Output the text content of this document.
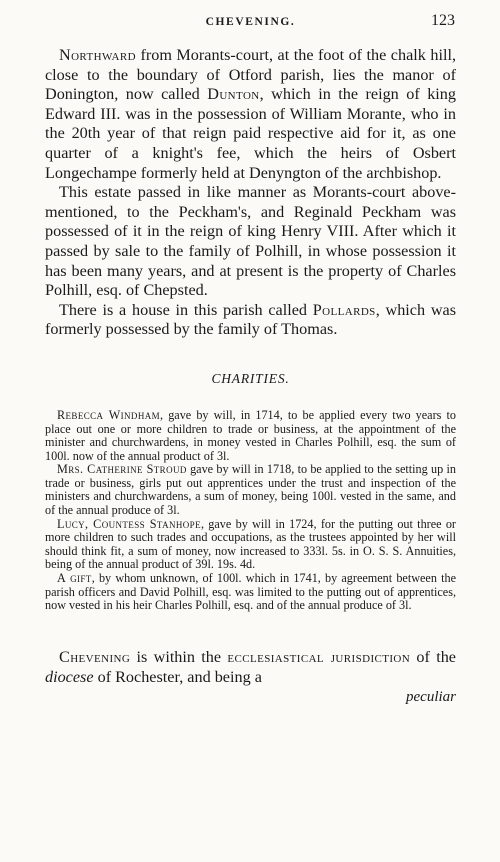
CHEVENING.	123

Northward from Morants-court, at the foot of the chalk hill, close to the boundary of Otford parish, lies the manor of Donington, now called Dunton, which in the reign of king Edward III. was in the possession of William Morante, who in the 20th year of that reign paid respective aid for it, as one quarter of a knight's fee, which the heirs of Osbert Longechampe formerly held at Denyngton of the archbishop.

This estate passed in like manner as Morants-court above-mentioned, to the Peckham's, and Reginald Peckham was possessed of it in the reign of king Henry VIII. After which it passed by sale to the family of Polhill, in whose possession it has been many years, and at present is the property of Charles Polhill, esq. of Chepsted.

There is a house in this parish called Pollards, which was formerly possessed by the family of Thomas.

CHARITIES.

Rebecca Windham, gave by will, in 1714, to be applied every two years to place out one or more children to trade or business, at the appointment of the minister and churchwardens, in money vested in Charles Polhill, esq. the sum of 100l. now of the annual product of 3l.

Mrs. Catherine Stroud gave by will in 1718, to be applied to the setting up in trade or business, girls put out apprentices under the trust and inspection of the ministers and churchwardens, a sum of money, being 100l. vested in the same, and of the annual produce of 3l.

Lucy, Countess Stanhope, gave by will in 1724, for the putting out three or more children to such trades and occupations, as the trustees appointed by her will should think fit, a sum of money, now increased to 333l. 5s. in O. S. S. Annuities, being of the annual product of 39l. 19s. 4d.

A gift, by whom unknown, of 100l. which in 1741, by agreement between the parish officers and David Polhill, esq. was limited to the putting out of apprentices, now vested in his heir Charles Polhill, esq. and of the annual produce of 3l.

Chevening is within the ecclesiastical jurisdiction of the diocese of Rochester, and being a

peculiar
